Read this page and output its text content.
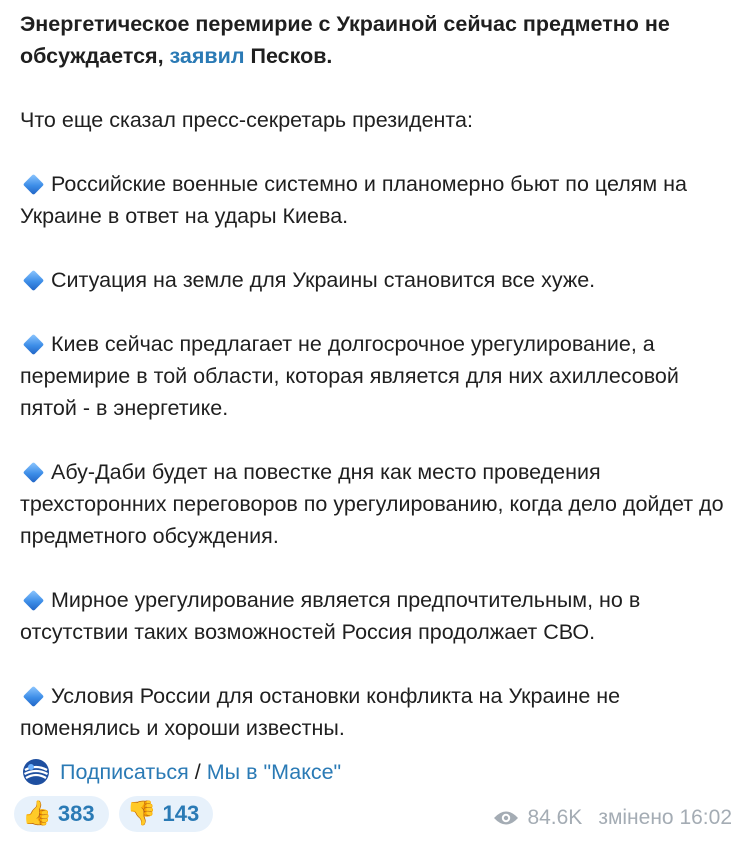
Энергетическое перемирие с Украиной сейчас предметно не обсуждается, заявил Песков.

Что еще сказал пресс-секретарь президента:

Российские военные системно и планомерно бьют по целям на Украине в ответ на удары Киева.

Ситуация на земле для Украины становится все хуже.

Киев сейчас предлагает не долгосрочное урегулирование, а перемирие в той области, которая является для них ахиллесовой пятой - в энергетике.

Абу-Даби будет на повестке дня как место проведения трехсторонних переговоров по урегулированию, когда дело дойдет до предметного обсуждения.

Мирное урегулирование является предпочтительным, но в отсутствии таких возможностей Россия продолжает СВО.

Условия России для остановки конфликта на Украине не поменялись и хороши известны.

Подписаться / Мы в "Максе"
👍 383 👎 143	84.6K змінено 16:02
